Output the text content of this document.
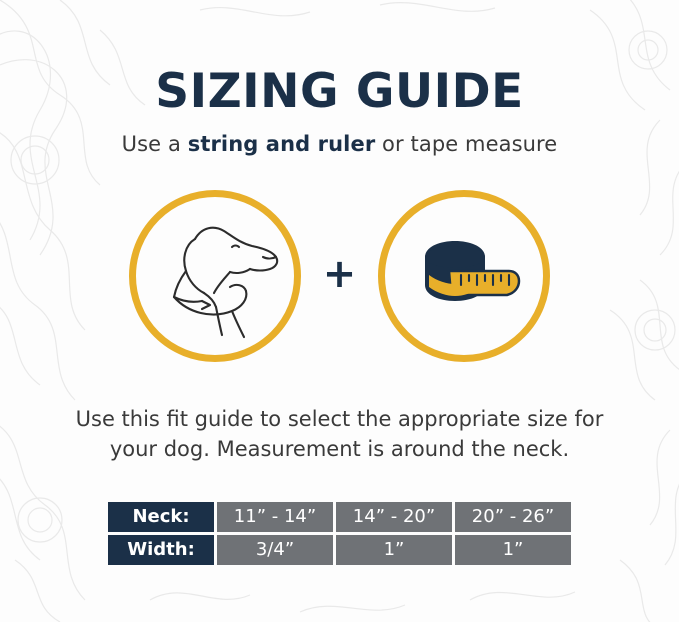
SIZING GUIDE
Use a string and ruler or tape measure
+
Use this fit guide to select the appropriate size for your dog. Measurement is around the neck.
Neck:	11” - 14”	14” - 20”	20” - 26”
Width:	3/4”	1”	1”
